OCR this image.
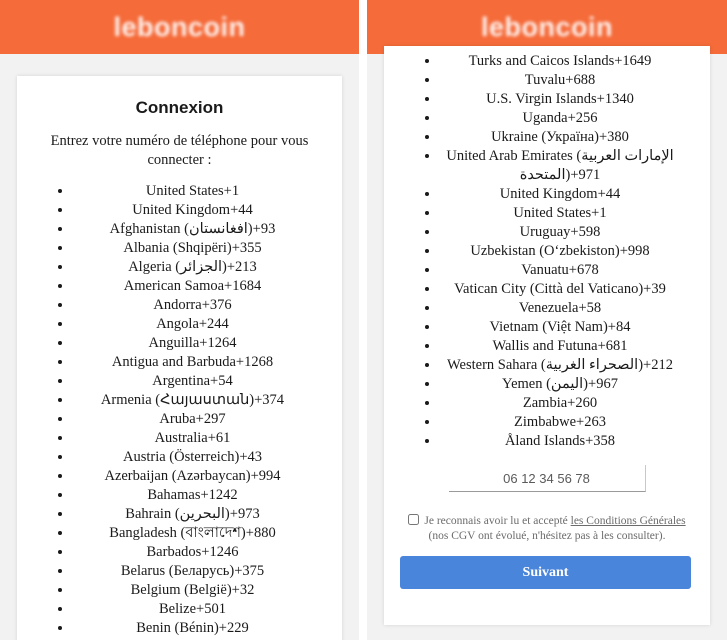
leboncoin
Connexion
Entrez votre numéro de téléphone pour vous connecter :
• United States+1
• United Kingdom+44
• Afghanistan (افغانستان)+93
• Albania (Shqipëri)+355
• Algeria (الجزائر)+213
• American Samoa+1684
• Andorra+376
• Angola+244
• Anguilla+1264
• Antigua and Barbuda+1268
• Argentina+54
• Armenia (Հայաստան)+374
• Aruba+297
• Australia+61
• Austria (Österreich)+43
• Azerbaijan (Azərbaycan)+994
• Bahamas+1242
• Bahrain (البحرين)+973
• Bangladesh (বাংলাদেশ)+880
• Barbados+1246
• Belarus (Беларусь)+375
• Belgium (België)+32
• Belize+501
• Benin (Bénin)+229
leboncoin
• Turks and Caicos Islands+1649
• Tuvalu+688
• U.S. Virgin Islands+1340
• Uganda+256
• Ukraine (Україна)+380
• United Arab Emirates (الإمارات العربية المتحدة)+971
• United Kingdom+44
• United States+1
• Uruguay+598
• Uzbekistan (Oʻzbekiston)+998
• Vanuatu+678
• Vatican City (Città del Vaticano)+39
• Venezuela+58
• Vietnam (Việt Nam)+84
• Wallis and Futuna+681
• Western Sahara (الصحراء الغربية)+212
• Yemen (اليمن)+967
• Zambia+260
• Zimbabwe+263
• Åland Islands+358
06 12 34 56 78
Je reconnais avoir lu et accepté les Conditions Générales (nos CGV ont évolué, n'hésitez pas à les consulter).
Suivant
